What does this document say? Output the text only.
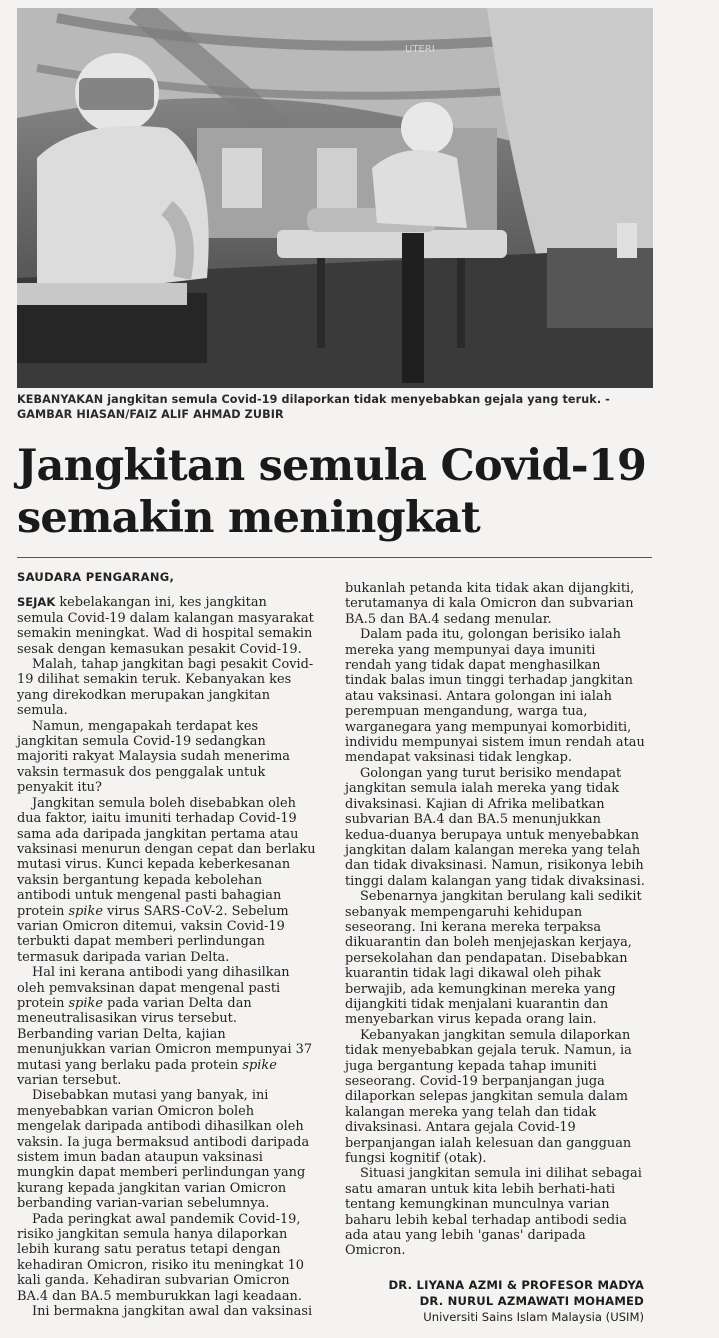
UTERI
KEBANYAKAN jangkitan semula Covid-19 dilaporkan tidak menyebabkan gejala yang teruk. - GAMBAR HIASAN/FAIZ ALIF AHMAD ZUBIR
Jangkitan semula Covid-19
semakin meningkat
SAUDARA PENGARANG,

SEJAK kebelakangan ini, kes jangkitan semula Covid-19 dalam kalangan masyarakat semakin meningkat. Wad di hospital semakin sesak dengan kemasukan pesakit Covid-19.

Malah, tahap jangkitan bagi pesakit Covid-19 dilihat semakin teruk. Kebanyakan kes yang direkodkan merupakan jangkitan semula.

Namun, mengapakah terdapat kes jangkitan semula Covid-19 sedangkan majoriti rakyat Malaysia sudah menerima vaksin termasuk dos penggalak untuk penyakit itu?

Jangkitan semula boleh disebabkan oleh dua faktor, iaitu imuniti terhadap Covid-19 sama ada daripada jangkitan pertama atau vaksinasi menurun dengan cepat dan berlaku mutasi virus. Kunci kepada keberkesanan vaksin bergantung kepada kebolehan antibodi untuk mengenal pasti bahagian protein spike virus SARS-CoV-2. Sebelum varian Omicron ditemui, vaksin Covid-19 terbukti dapat memberi perlindungan termasuk daripada varian Delta.

Hal ini kerana antibodi yang dihasilkan oleh pemvaksinan dapat mengenal pasti protein spike pada varian Delta dan meneutralisasikan virus tersebut. Berbanding varian Delta, kajian menunjukkan varian Omicron mempunyai 37 mutasi yang berlaku pada protein spike varian tersebut.

Disebabkan mutasi yang banyak, ini menyebabkan varian Omicron boleh mengelak daripada antibodi dihasilkan oleh vaksin. Ia juga bermaksud antibodi daripada sistem imun badan ataupun vaksinasi mungkin dapat memberi perlindungan yang kurang kepada jangkitan varian Omicron berbanding varian-varian sebelumnya.

Pada peringkat awal pandemik Covid-19, risiko jangkitan semula hanya dilaporkan lebih kurang satu peratus tetapi dengan kehadiran Omicron, risiko itu meningkat 10 kali ganda. Kehadiran subvarian Omicron BA.4 dan BA.5 memburukkan lagi keadaan.

Ini bermakna jangkitan awal dan vaksinasi

bukanlah petanda kita tidak akan dijangkiti, terutamanya di kala Omicron dan subvarian BA.5 dan BA.4 sedang menular.

Dalam pada itu, golongan berisiko ialah mereka yang mempunyai daya imuniti rendah yang tidak dapat menghasilkan tindak balas imun tinggi terhadap jangkitan atau vaksinasi. Antara golongan ini ialah perempuan mengandung, warga tua, warganegara yang mempunyai komorbiditi, individu mempunyai sistem imun rendah atau mendapat vaksinasi tidak lengkap.

Golongan yang turut berisiko mendapat jangkitan semula ialah mereka yang tidak divaksinasi. Kajian di Afrika melibatkan subvarian BA.4 dan BA.5 menunjukkan kedua-duanya berupaya untuk menyebabkan jangkitan dalam kalangan mereka yang telah dan tidak divaksinasi. Namun, risikonya lebih tinggi dalam kalangan yang tidak divaksinasi.

Sebenarnya jangkitan berulang kali sedikit sebanyak mempengaruhi kehidupan seseorang. Ini kerana mereka terpaksa dikuarantin dan boleh menjejaskan kerjaya, persekolahan dan pendapatan. Disebabkan kuarantin tidak lagi dikawal oleh pihak berwajib, ada kemungkinan mereka yang dijangkiti tidak menjalani kuarantin dan menyebarkan virus kepada orang lain.

Kebanyakan jangkitan semula dilaporkan tidak menyebabkan gejala teruk. Namun, ia juga bergantung kepada tahap imuniti seseorang. Covid-19 berpanjangan juga dilaporkan selepas jangkitan semula dalam kalangan mereka yang telah dan tidak divaksinasi. Antara gejala Covid-19 berpanjangan ialah kelesuan dan gangguan fungsi kognitif (otak).

Situasi jangkitan semula ini dilihat sebagai satu amaran untuk kita lebih berhati-hati tentang kemungkinan munculnya varian baharu lebih kebal terhadap antibodi sedia ada atau yang lebih 'ganas' daripada Omicron.

DR. LIYANA AZMI & PROFESOR MADYA
DR. NURUL AZMAWATI MOHAMED
Universiti Sains Islam Malaysia (USIM)
